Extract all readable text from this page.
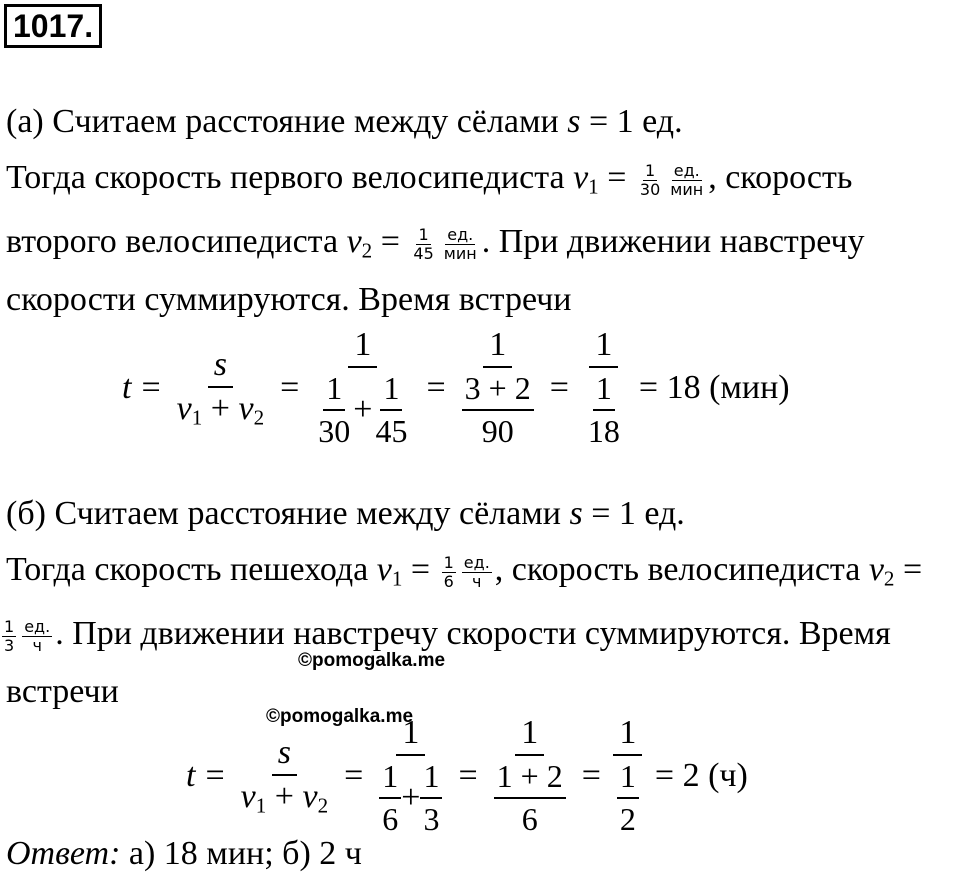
1017.
(а) Считаем расстояние между сёлами s = 1 ед.
Тогда скорость первого велосипедиста $v_1 = \frac{1}{30}$ ед.
мин , скорость
второго велосипедиста $v_2 = \frac{1}{45}$ ед.
мин . При движении навстречу
скорости суммируются. Время встречи
$t = \frac{s}{v_1 + v_2} = 1$
1
30
+ $\frac{1}{45} = \frac{1}{\frac{3 + 2}{90}} = \frac{1}{\frac{1}{18}} = 18$ (мин)
(б) Считаем расстояние между сёлами s = 1 ед.
Тогда скорость пешехода $v_1 = \frac{1}{6}$ ед.
ч , скорость велосипедиста $v_2$ =
$\frac{1}{3}$ ед.
ч . При движении навстречу скорости суммируются. Время
©pomogalka.me
встречи
$t = \frac{s}{v_1 + v_2} = 1$
1
6
+ $\frac{1}{3} = \frac{1}{\frac{1 + 2}{6}} = \frac{1}{\frac{1}{2}} = 2$ (ч)
©pomogalka.me
Ответ: а) 18 мин; б) 2 ч
